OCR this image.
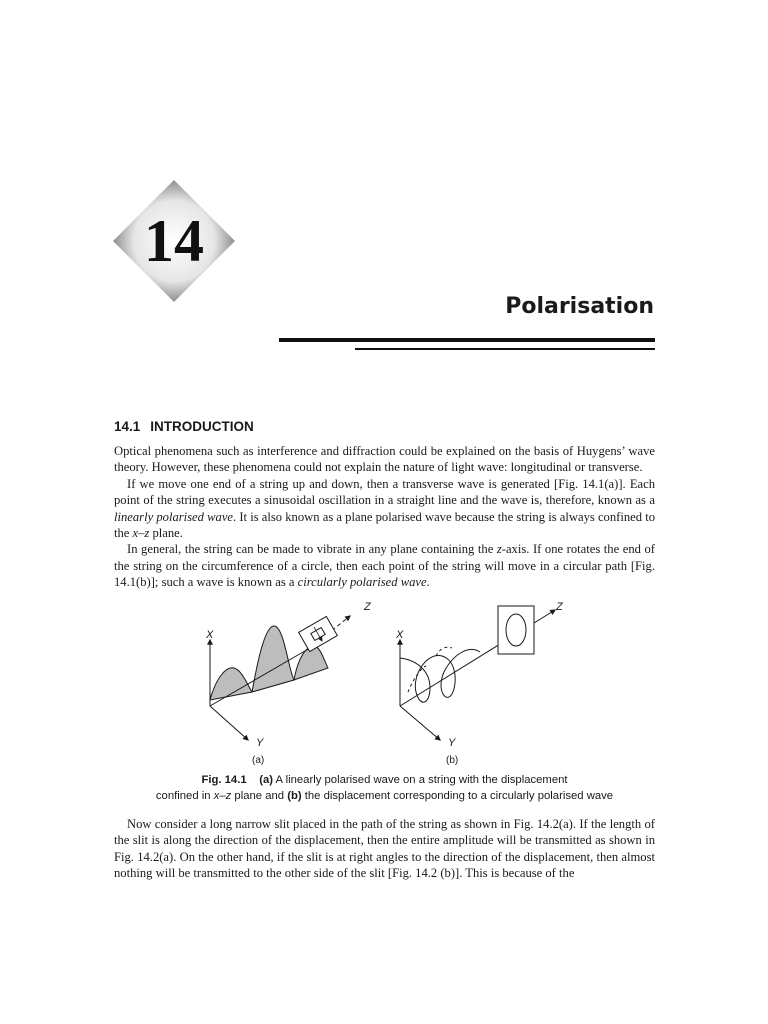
14
Polarisation
14.1 INTRODUCTION

Optical phenomena such as interference and diffraction could be explained on the basis of Huygens’ wave theory. However, these phenomena could not explain the nature of light wave: longitudinal or transverse.

If we move one end of a string up and down, then a transverse wave is generated [Fig. 14.1(a)]. Each point of the string executes a sinusoidal oscillation in a straight line and the wave is, therefore, known as a linearly polarised wave. It is also known as a plane polarised wave because the string is always confined to the x–z plane.

In general, the string can be made to vibrate in any plane containing the z-axis. If one rotates the end of the string on the circumference of a circle, then each point of the string will move in a circular path [Fig. 14.1(b)]; such a wave is known as a circularly polarised wave.

X
Y
Z
(a)
X
Y
Z
(b)
Fig. 14.1 (a) A linearly polarised wave on a string with the displacement
confined in x–z plane and (b) the displacement corresponding to a circularly polarised wave

Now consider a long narrow slit placed in the path of the string as shown in Fig. 14.2(a). If the length of the slit is along the direction of the displacement, then the entire amplitude will be transmitted as shown in Fig. 14.2(a). On the other hand, if the slit is at right angles to the direction of the displacement, then almost nothing will be transmitted to the other side of the slit [Fig. 14.2 (b)]. This is because of the
